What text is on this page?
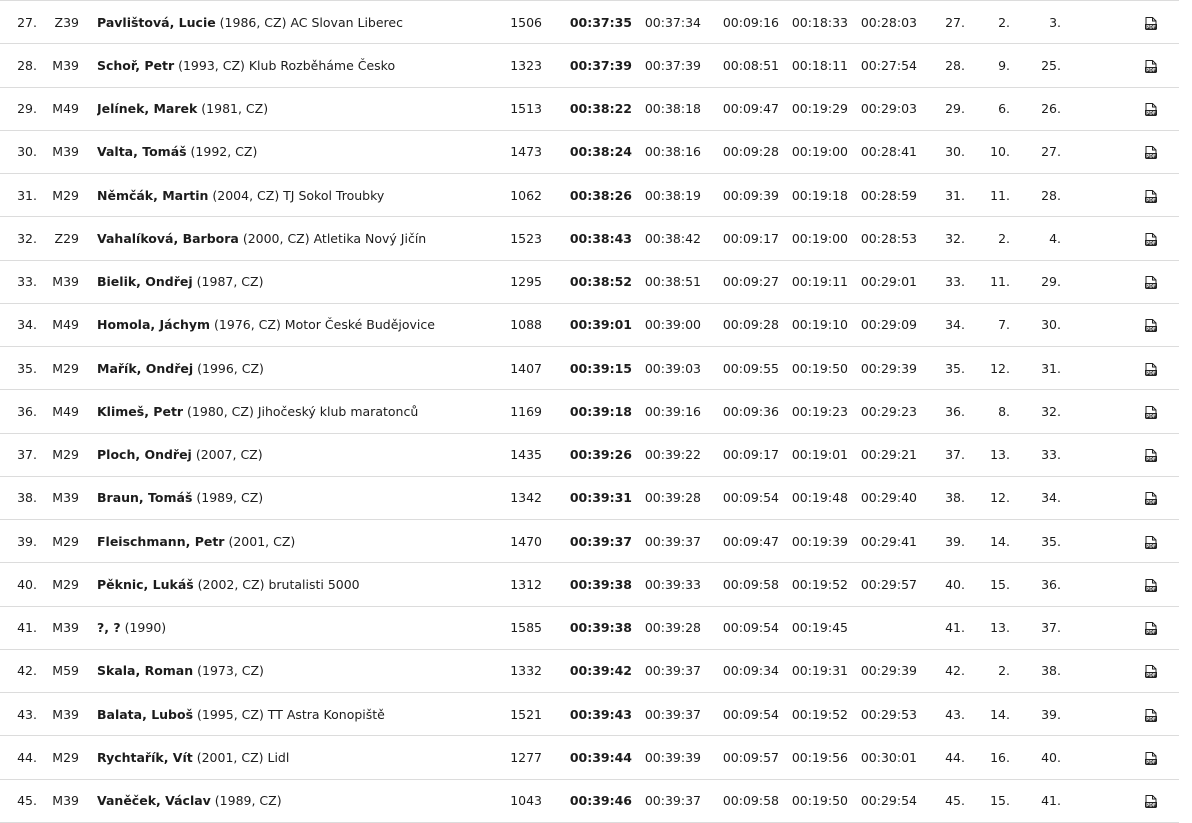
27.	Z39	Pavlištová, Lucie (1986, CZ) AC Slovan Liberec	1506	00:37:35	00:37:34	00:09:16	00:18:33	00:28:03	27.	2.	3.	PDF

28.	M39	Schoř, Petr (1993, CZ) Klub Rozběháme Česko	1323	00:37:39	00:37:39	00:08:51	00:18:11	00:27:54	28.	9.	25.	PDF

29.	M49	Jelínek, Marek (1981, CZ)	1513	00:38:22	00:38:18	00:09:47	00:19:29	00:29:03	29.	6.	26.	PDF

30.	M39	Valta, Tomáš (1992, CZ)	1473	00:38:24	00:38:16	00:09:28	00:19:00	00:28:41	30.	10.	27.	PDF

31.	M29	Němčák, Martin (2004, CZ) TJ Sokol Troubky	1062	00:38:26	00:38:19	00:09:39	00:19:18	00:28:59	31.	11.	28.	PDF

32.	Z29	Vahalíková, Barbora (2000, CZ) Atletika Nový Jičín	1523	00:38:43	00:38:42	00:09:17	00:19:00	00:28:53	32.	2.	4.	PDF

33.	M39	Bielik, Ondřej (1987, CZ)	1295	00:38:52	00:38:51	00:09:27	00:19:11	00:29:01	33.	11.	29.	PDF

34.	M49	Homola, Jáchym (1976, CZ) Motor České Budějovice	1088	00:39:01	00:39:00	00:09:28	00:19:10	00:29:09	34.	7.	30.	PDF

35.	M29	Mařík, Ondřej (1996, CZ)	1407	00:39:15	00:39:03	00:09:55	00:19:50	00:29:39	35.	12.	31.	PDF

36.	M49	Klimeš, Petr (1980, CZ) Jihočeský klub maratonců	1169	00:39:18	00:39:16	00:09:36	00:19:23	00:29:23	36.	8.	32.	PDF

37.	M29	Ploch, Ondřej (2007, CZ)	1435	00:39:26	00:39:22	00:09:17	00:19:01	00:29:21	37.	13.	33.	PDF

38.	M39	Braun, Tomáš (1989, CZ)	1342	00:39:31	00:39:28	00:09:54	00:19:48	00:29:40	38.	12.	34.	PDF

39.	M29	Fleischmann, Petr (2001, CZ)	1470	00:39:37	00:39:37	00:09:47	00:19:39	00:29:41	39.	14.	35.	PDF

40.	M29	Pěknic, Lukáš (2002, CZ) brutalisti 5000	1312	00:39:38	00:39:33	00:09:58	00:19:52	00:29:57	40.	15.	36.	PDF

41.	M39	?, ? (1990)	1585	00:39:38	00:39:28	00:09:54	00:19:45		41.	13.	37.	PDF

42.	M59	Skala, Roman (1973, CZ)	1332	00:39:42	00:39:37	00:09:34	00:19:31	00:29:39	42.	2.	38.	PDF

43.	M39	Balata, Luboš (1995, CZ) TT Astra Konopiště	1521	00:39:43	00:39:37	00:09:54	00:19:52	00:29:53	43.	14.	39.	PDF

44.	M29	Rychtařík, Vít (2001, CZ) Lidl	1277	00:39:44	00:39:39	00:09:57	00:19:56	00:30:01	44.	16.	40.	PDF

45.	M39	Vaněček, Václav (1989, CZ)	1043	00:39:46	00:39:37	00:09:58	00:19:50	00:29:54	45.	15.	41.	PDF
